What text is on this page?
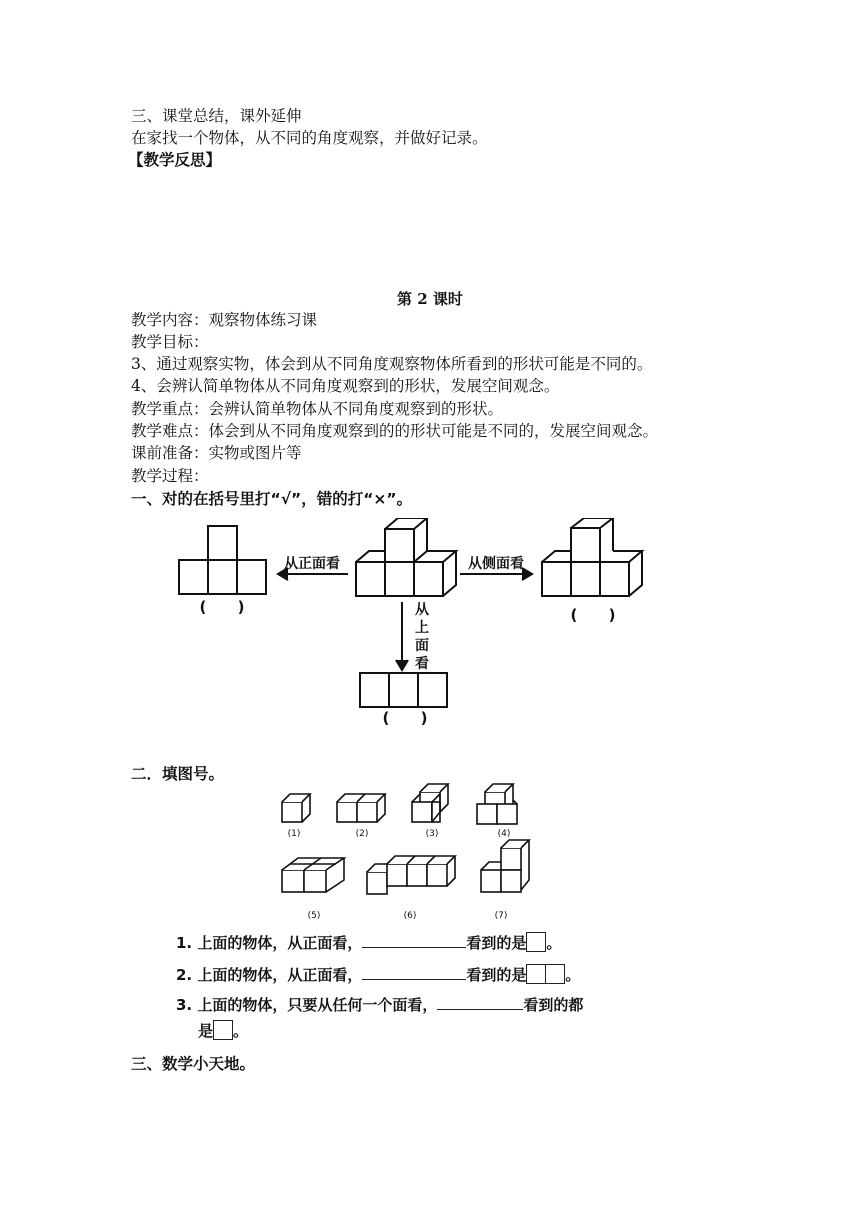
三、课堂总结，课外延伸
在家找一个物体，从不同的角度观察，并做好记录。
【教学反思】
第 2 课时
教学内容：观察物体练习课
教学目标：
3、通过观察实物，体会到从不同角度观察物体所看到的形状可能是不同的。
4、会辨认简单物体从不同角度观察到的形状，发展空间观念。
教学重点：会辨认简单物体从不同角度观察到的形状。
教学难点：体会到从不同角度观察到的的形状可能是不同的，发展空间观念。
课前准备：实物或图片等
教学过程：
一、对的在括号里打“√”，错的打“×”。
从正面看	从侧面看
从
上
面
看
(      )	(      )
(      )
二．填图号。
(1)	(2)	(3)	(4)
(5)	(6)	(7)
1. 上面的物体，从正面看，	看到的是 。
2. 上面的物体，从正面看，	看到的是	。
3. 上面的物体，只要从任何一个面看，	看到的都
是 。
三、数学小天地。
